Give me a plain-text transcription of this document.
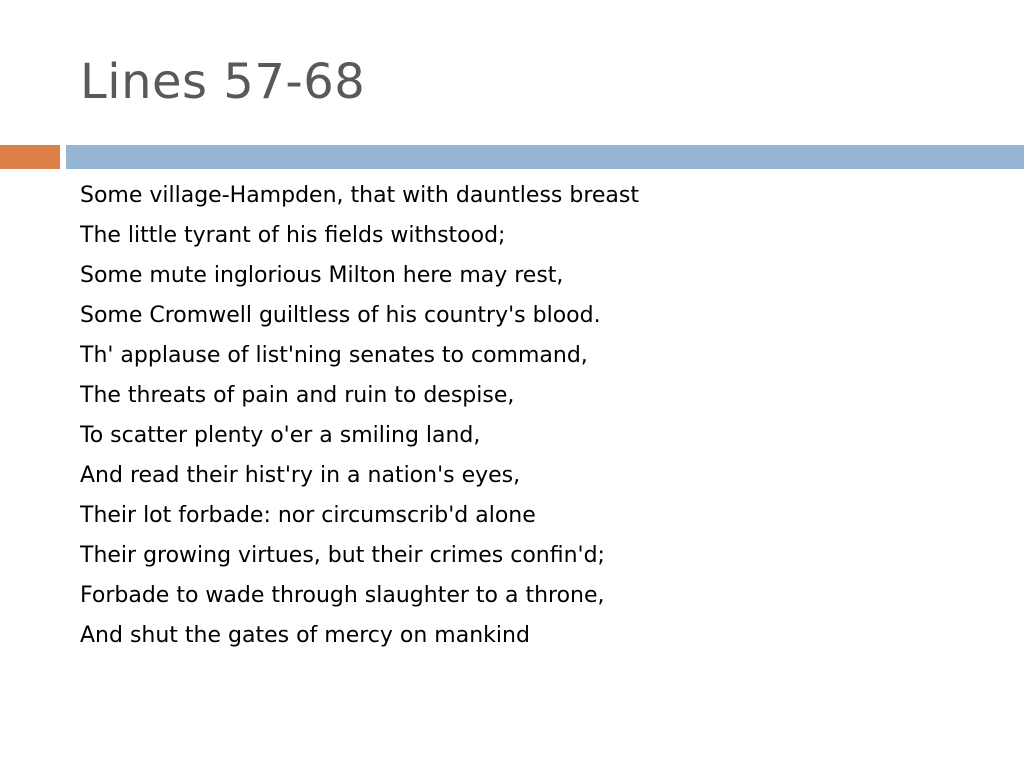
Lines 57-68
Some village-Hampden, that with dauntless breast
The little tyrant of his fields withstood;
Some mute inglorious Milton here may rest,
Some Cromwell guiltless of his country's blood.
Th' applause of list'ning senates to command,
The threats of pain and ruin to despise,
To scatter plenty o'er a smiling land,
And read their hist'ry in a nation's eyes,
Their lot forbade: nor circumscrib'd alone
Their growing virtues, but their crimes confin'd;
Forbade to wade through slaughter to a throne,
And shut the gates of mercy on mankind
